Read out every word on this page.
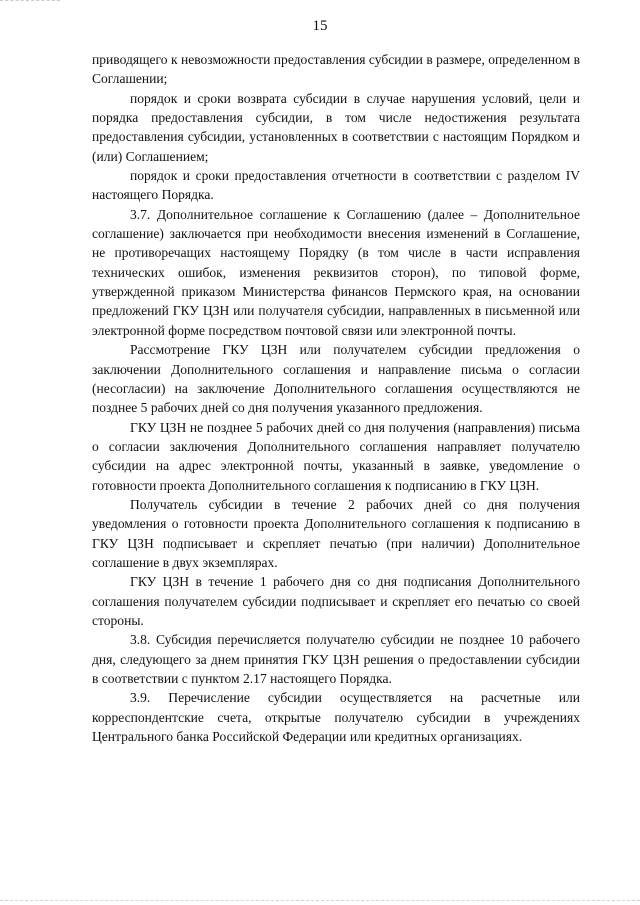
15

приводящего к невозможности предоставления субсидии в размере, определенном в Соглашении;

порядок и сроки возврата субсидии в случае нарушения условий, цели и порядка предоставления субсидии, в том числе недостижения результата предоставления субсидии, установленных в соответствии с настоящим Порядком и (или) Соглашением;

порядок и сроки предоставления отчетности в соответствии с разделом IV настоящего Порядка.

3.7. Дополнительное соглашение к Соглашению (далее – Дополнительное соглашение) заключается при необходимости внесения изменений в Соглашение, не противоречащих настоящему Порядку (в том числе в части исправления технических ошибок, изменения реквизитов сторон), по типовой форме, утвержденной приказом Министерства финансов Пермского края, на основании предложений ГКУ ЦЗН или получателя субсидии, направленных в письменной или электронной форме посредством почтовой связи или электронной почты.

Рассмотрение ГКУ ЦЗН или получателем субсидии предложения о заключении Дополнительного соглашения и направление письма о согласии (несогласии) на заключение Дополнительного соглашения осуществляются не позднее 5 рабочих дней со дня получения указанного предложения.

ГКУ ЦЗН не позднее 5 рабочих дней со дня получения (направления) письма о согласии заключения Дополнительного соглашения направляет получателю субсидии на адрес электронной почты, указанный в заявке, уведомление о готовности проекта Дополнительного соглашения к подписанию в ГКУ ЦЗН.

Получатель субсидии в течение 2 рабочих дней со дня получения уведомления о готовности проекта Дополнительного соглашения к подписанию в ГКУ ЦЗН подписывает и скрепляет печатью (при наличии) Дополнительное соглашение в двух экземплярах.

ГКУ ЦЗН в течение 1 рабочего дня со дня подписания Дополнительного соглашения получателем субсидии подписывает и скрепляет его печатью со своей стороны.

3.8. Субсидия перечисляется получателю субсидии не позднее 10 рабочего дня, следующего за днем принятия ГКУ ЦЗН решения о предоставлении субсидии в соответствии с пунктом 2.17 настоящего Порядка.

3.9. Перечисление субсидии осуществляется на расчетные или корреспондентские счета, открытые получателю субсидии в учреждениях Центрального банка Российской Федерации или кредитных организациях.
